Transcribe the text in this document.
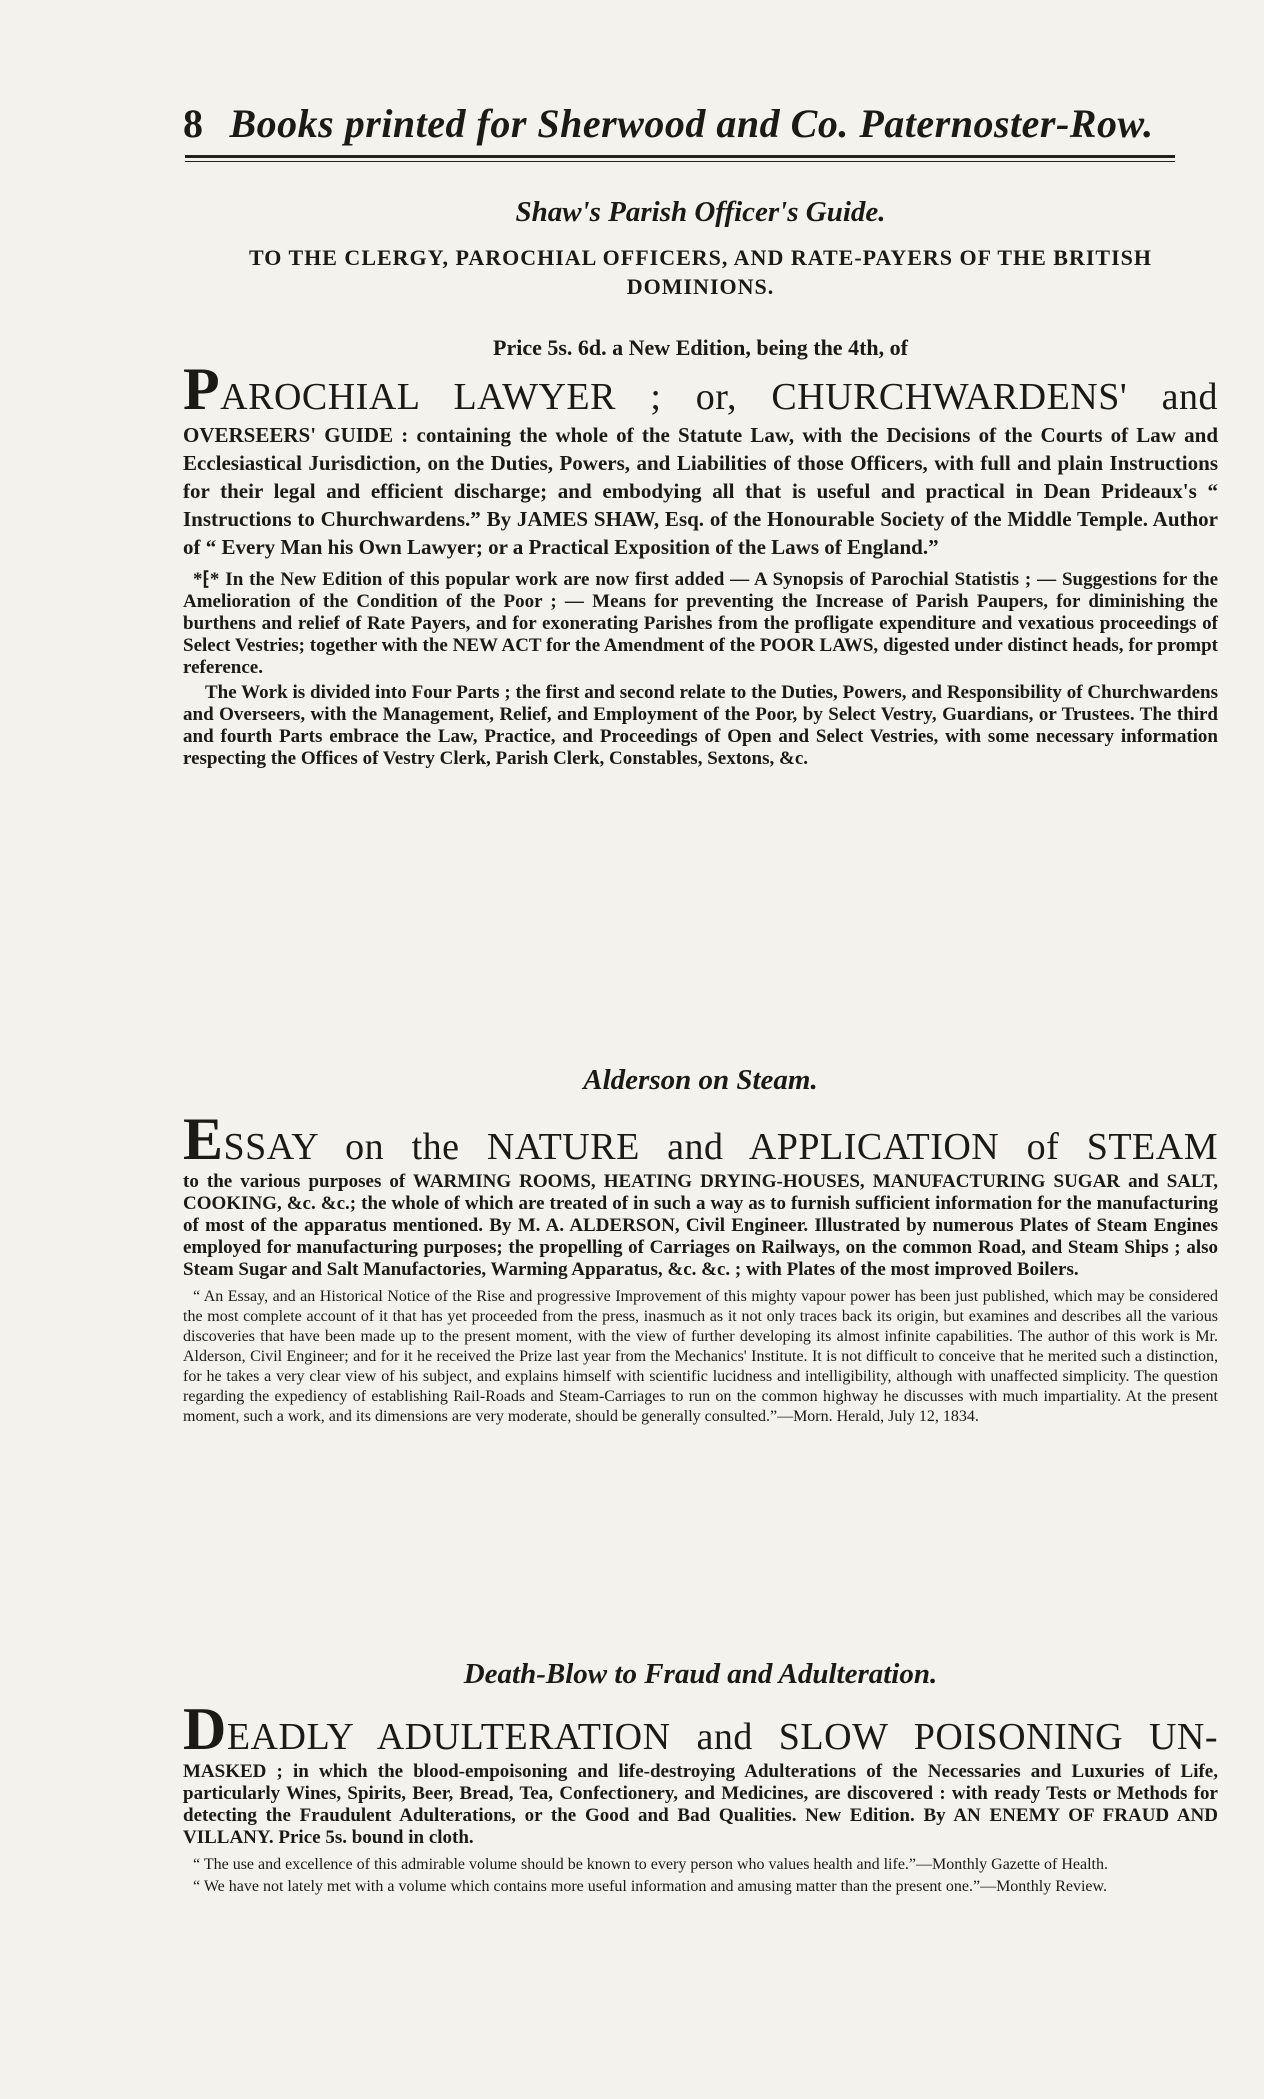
8 Books printed for Sherwood and Co. Paternoster-Row.

Shaw's Parish Officer's Guide.

TO THE CLERGY, PAROCHIAL OFFICERS, AND RATE-PAYERS OF THE BRITISH DOMINIONS.

Price 5s. 6d. a New Edition, being the 4th, of

PAROCHIAL LAWYER ; or, CHURCHWARDENS' and

OVERSEERS' GUIDE : containing the whole of the Statute Law, with the Decisions of the Courts of Law and Ecclesiastical Jurisdiction, on the Duties, Powers, and Liabilities of those Officers, with full and plain Instructions for their legal and efficient discharge; and embodying all that is useful and practical in Dean Prideaux's “ Instructions to Churchwardens.” By JAMES SHAW, Esq. of the Honourable Society of the Middle Temple. Author of “ Every Man his Own Lawyer; or a Practical Exposition of the Laws of England.”

*⁅* In the New Edition of this popular work are now first added — A Synopsis of Parochial Statistis ; — Suggestions for the Amelioration of the Condition of the Poor ; — Means for preventing the Increase of Parish Paupers, for diminishing the burthens and relief of Rate Payers, and for exonerating Parishes from the profligate expenditure and vexatious proceedings of Select Vestries; together with the NEW ACT for the Amendment of the POOR LAWS, digested under distinct heads, for prompt reference.

The Work is divided into Four Parts ; the first and second relate to the Duties, Powers, and Responsibility of Churchwardens and Overseers, with the Management, Relief, and Employment of the Poor, by Select Vestry, Guardians, or Trustees. The third and fourth Parts embrace the Law, Practice, and Proceedings of Open and Select Vestries, with some necessary information respecting the Offices of Vestry Clerk, Parish Clerk, Constables, Sextons, &c.

Alderson on Steam.

ESSAY on the NATURE and APPLICATION of STEAM

to the various purposes of WARMING ROOMS, HEATING DRYING-HOUSES, MANUFACTURING SUGAR and SALT, COOKING, &c. &c.; the whole of which are treated of in such a way as to furnish sufficient information for the manufacturing of most of the apparatus mentioned. By M. A. ALDERSON, Civil Engineer. Illustrated by numerous Plates of Steam Engines employed for manufacturing purposes; the propelling of Carriages on Railways, on the common Road, and Steam Ships ; also Steam Sugar and Salt Manufactories, Warming Apparatus, &c. &c. ; with Plates of the most improved Boilers.

“ An Essay, and an Historical Notice of the Rise and progressive Improvement of this mighty vapour power has been just published, which may be considered the most complete account of it that has yet proceeded from the press, inasmuch as it not only traces back its origin, but examines and describes all the various discoveries that have been made up to the present moment, with the view of further developing its almost infinite capabilities. The author of this work is Mr. Alderson, Civil Engineer; and for it he received the Prize last year from the Mechanics' Institute. It is not difficult to conceive that he merited such a distinction, for he takes a very clear view of his subject, and explains himself with scientific lucidness and intelligibility, although with unaffected simplicity. The question regarding the expediency of establishing Rail-Roads and Steam-Carriages to run on the common highway he discusses with much impartiality. At the present moment, such a work, and its dimensions are very moderate, should be generally consulted.”—Morn. Herald, July 12, 1834.

Death-Blow to Fraud and Adulteration.

DEADLY ADULTERATION and SLOW POISONING UN-

MASKED ; in which the blood-empoisoning and life-destroying Adulterations of the Necessaries and Luxuries of Life, particularly Wines, Spirits, Beer, Bread, Tea, Confectionery, and Medicines, are discovered : with ready Tests or Methods for detecting the Fraudulent Adulterations, or the Good and Bad Qualities. New Edition. By AN ENEMY OF FRAUD AND VILLANY. Price 5s. bound in cloth.

“ The use and excellence of this admirable volume should be known to every person who values health and life.”—Monthly Gazette of Health.

“ We have not lately met with a volume which contains more useful information and amusing matter than the present one.”—Monthly Review.
